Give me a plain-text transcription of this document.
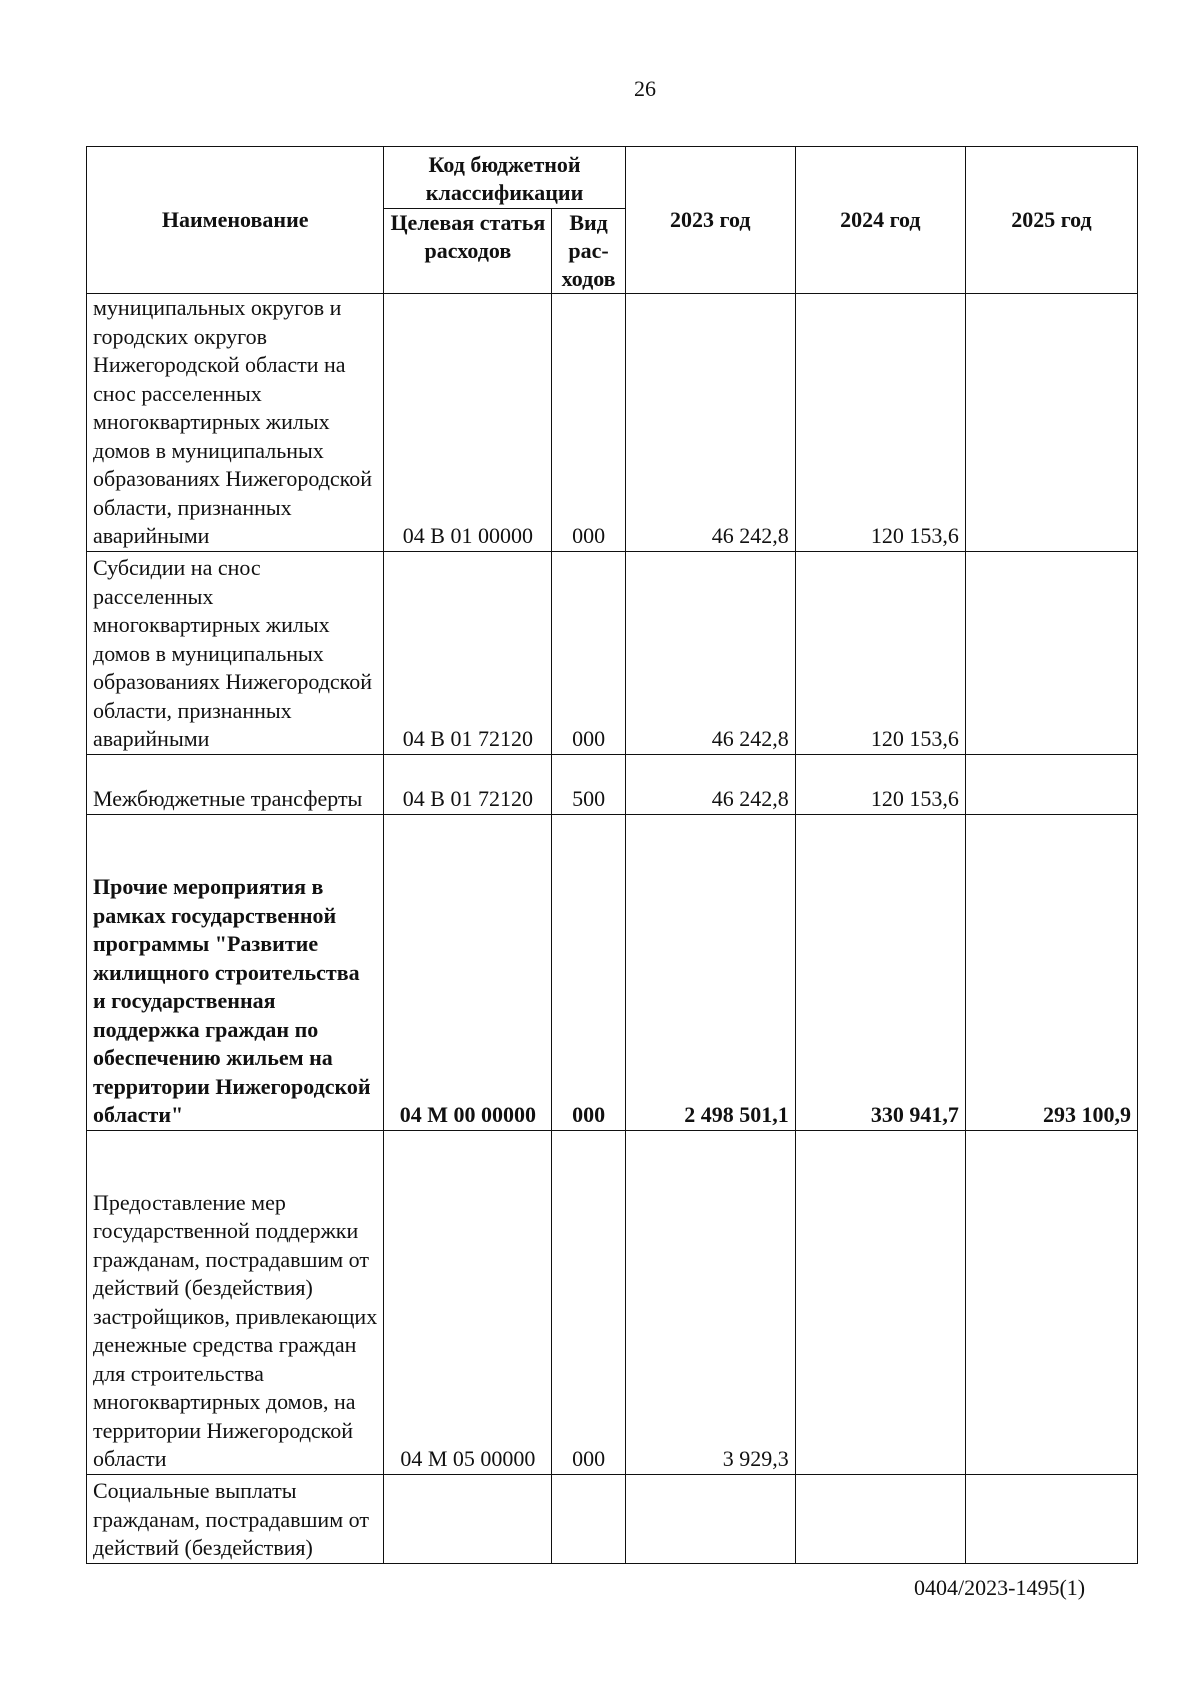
26
Наименование	Код бюджетной классификации		2023 год	2024 год	2025 год
	Целевая статья расходов	Вид рас-ходов			
муниципальных округов и городских округов Нижегородской области на снос расселенных многоквартирных жилых домов в муниципальных образованиях Нижегородской области, признанных аварийными	04 В 01 00000	000	46 242,8	120 153,6	
Субсидии на снос расселенных многоквартирных жилых домов в муниципальных образованиях Нижегородской области, признанных аварийными	04 В 01 72120	000	46 242,8	120 153,6	
Межбюджетные трансферты	04 В 01 72120	500	46 242,8	120 153,6	
Прочие мероприятия в рамках государственной программы "Развитие жилищного строительства и государственная поддержка граждан по обеспечению жильем на территории Нижегородской области"	04 М 00 00000	000	2 498 501,1	330 941,7	293 100,9
Предоставление мер государственной поддержки гражданам, пострадавшим от действий (бездействия) застройщиков, привлекающих денежные средства граждан для строительства многоквартирных домов, на территории Нижегородской области	04 М 05 00000	000	3 929,3		
Социальные выплаты гражданам, пострадавшим от действий (бездействия)					
0404/2023-1495(1)
